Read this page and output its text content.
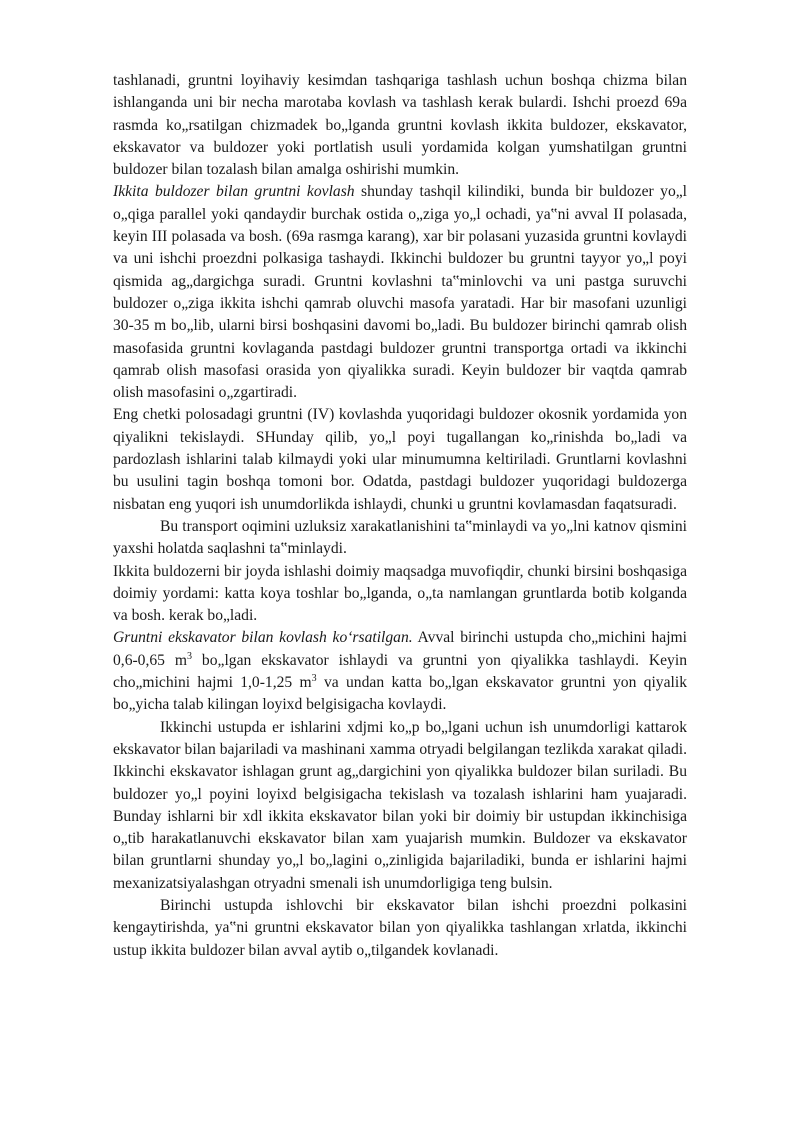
tashlanadi, gruntni loyihaviy kesimdan tashqariga tashlash uchun boshqa chizma bilan ishlanganda uni bir necha marotaba kovlash va tashlash kerak bulardi. Ishchi proezd 69a rasmda ko„rsatilgan chizmadek bo„lganda gruntni kovlash ikkita buldozer, ekskavator, ekskavator va buldozer yoki portlatish usuli yordamida kolgan yumshatilgan gruntni buldozer bilan tozalash bilan amalga oshirishi mumkin.

Ikkita buldozer bilan gruntni kovlash shunday tashqil kilindiki, bunda bir buldozer yo„l o„qiga parallel yoki qandaydir burchak ostida o„ziga yo„l ochadi, ya‟ni avval II polasada, keyin III polasada va bosh. (69a rasmga karang), xar bir polasani yuzasida gruntni kovlaydi va uni ishchi proezdni polkasiga tashaydi. Ikkinchi buldozer bu gruntni tayyor yo„l poyi qismida ag„dargichga suradi. Gruntni kovlashni ta‟minlovchi va uni pastga suruvchi buldozer o„ziga ikkita ishchi qamrab oluvchi masofa yaratadi. Har bir masofani uzunligi 30-35 m bo„lib, ularni birsi boshqasini davomi bo„ladi. Bu buldozer birinchi qamrab olish masofasida gruntni kovlaganda pastdagi buldozer gruntni transportga ortadi va ikkinchi qamrab olish masofasi orasida yon qiyalikka suradi. Keyin buldozer bir vaqtda qamrab olish masofasini o„zgartiradi.

Eng chetki polosadagi gruntni (IV) kovlashda yuqoridagi buldozer okosnik yordamida yon qiyalikni tekislaydi. SHunday qilib, yo„l poyi tugallangan ko„rinishda bo„ladi va pardozlash ishlarini talab kilmaydi yoki ular minumumna keltiriladi. Gruntlarni kovlashni bu usulini tagin boshqa tomoni bor. Odatda, pastdagi buldozer yuqoridagi buldozerga nisbatan eng yuqori ish unumdorlikda ishlaydi, chunki u gruntni kovlamasdan faqatsuradi.

Bu transport oqimini uzluksiz xarakatlanishini ta‟minlaydi va yo„lni katnov qismini yaxshi holatda saqlashni ta‟minlaydi.

Ikkita buldozerni bir joyda ishlashi doimiy maqsadga muvofiqdir, chunki birsini boshqasiga doimiy yordami: katta koya toshlar bo„lganda, o„ta namlangan gruntlarda botib kolganda va bosh. kerak bo„ladi.

Gruntni ekskavator bilan kovlash ko‘rsatilgan. Avval birinchi ustupda cho„michini hajmi 0,6-0,65 $m^3$ bo„lgan ekskavator ishlaydi va gruntni yon qiyalikka tashlaydi. Keyin cho„michini hajmi 1,0-1,25 $m^3$ va undan katta bo„lgan ekskavator gruntni yon qiyalik bo„yicha talab kilingan loyixd belgisigacha kovlaydi.

Ikkinchi ustupda er ishlarini xdjmi ko„p bo„lgani uchun ish unumdorligi kattarok ekskavator bilan bajariladi va mashinani xamma otryadi belgilangan tezlikda xarakat qiladi. Ikkinchi ekskavator ishlagan grunt ag„dargichini yon qiyalikka buldozer bilan suriladi. Bu buldozer yo„l poyini loyixd belgisigacha tekislash va tozalash ishlarini ham yuajaradi. Bunday ishlarni bir xdl ikkita ekskavator bilan yoki bir doimiy bir ustupdan ikkinchisiga o„tib harakatlanuvchi ekskavator bilan xam yuajarish mumkin. Buldozer va ekskavator bilan gruntlarni shunday yo„l bo„lagini o„zinligida bajariladiki, bunda er ishlarini hajmi mexanizatsiyalashgan otryadni smenali ish unumdorligiga teng bulsin.

Birinchi ustupda ishlovchi bir ekskavator bilan ishchi proezdni polkasini kengaytirishda, ya‟ni gruntni ekskavator bilan yon qiyalikka tashlangan xrlatda, ikkinchi ustup ikkita buldozer bilan avval aytib o„tilgandek kovlanadi.
